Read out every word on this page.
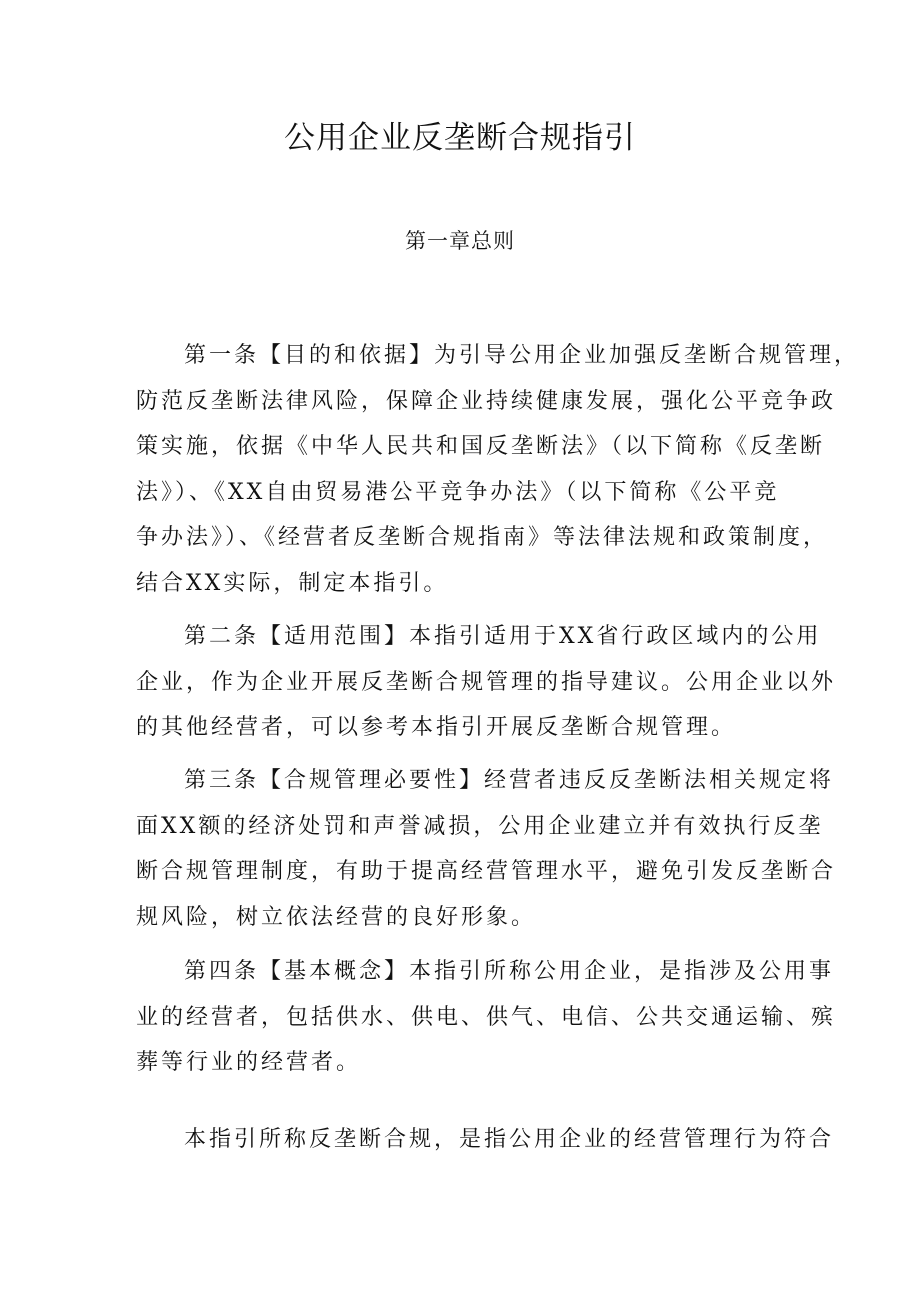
公用企业反垄断合规指引
第一章总则

第一条【目的和依据】为引导公用企业加强反垄断合规管理，
防范反垄断法律风险，保障企业持续健康发展，强化公平竞争政
策实施，依据《中华人民共和国反垄断法》（以下简称《反垄断
法》）、《XX自由贸易港公平竞争办法》（以下简称《公平竞
争办法》）、《经营者反垄断合规指南》等法律法规和政策制度，
结合XX实际，制定本指引。

第二条【适用范围】本指引适用于XX省行政区域内的公用
企业，作为企业开展反垄断合规管理的指导建议。公用企业以外
的其他经营者，可以参考本指引开展反垄断合规管理。

第三条【合规管理必要性】经营者违反反垄断法相关规定将
面XX额的经济处罚和声誉减损，公用企业建立并有效执行反垄
断合规管理制度，有助于提高经营管理水平，避免引发反垄断合
规风险，树立依法经营的良好形象。

第四条【基本概念】本指引所称公用企业，是指涉及公用事
业的经营者，包括供水、供电、供气、电信、公共交通运输、殡
葬等行业的经营者。

本指引所称反垄断合规，是指公用企业的经营管理行为符合
